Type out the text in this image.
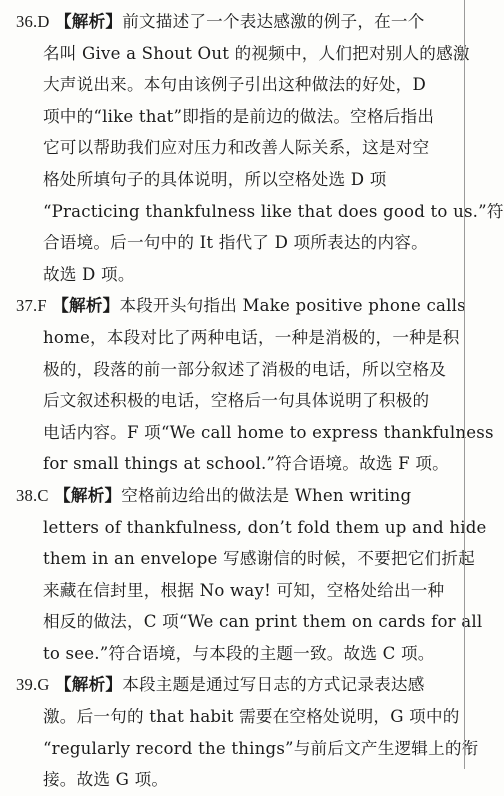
36.D 【解析】前文描述了一个表达感激的例子，在一个
名叫 Give a Shout Out 的视频中，人们把对别人的感激
大声说出来。本句由该例子引出这种做法的好处，D
项中的“like that”即指的是前边的做法。空格后指出
它可以帮助我们应对压力和改善人际关系，这是对空
格处所填句子的具体说明，所以空格处选 D 项
“Practicing thankfulness like that does good to us.”符
合语境。后一句中的 It 指代了 D 项所表达的内容。
故选 D 项。
37.F 【解析】本段开头句指出 Make positive phone calls
home，本段对比了两种电话，一种是消极的，一种是积
极的，段落的前一部分叙述了消极的电话，所以空格及
后文叙述积极的电话，空格后一句具体说明了积极的
电话内容。F 项“We call home to express thankfulness
for small things at school.”符合语境。故选 F 项。
38.C 【解析】空格前边给出的做法是 When writing
letters of thankfulness, don’t fold them up and hide
them in an envelope 写感谢信的时候，不要把它们折起
来藏在信封里，根据 No way! 可知，空格处给出一种
相反的做法，C 项“We can print them on cards for all
to see.”符合语境，与本段的主题一致。故选 C 项。
39.G 【解析】本段主题是通过写日志的方式记录表达感
激。后一句的 that habit 需要在空格处说明，G 项中的
“regularly record the things”与前后文产生逻辑上的衔
接。故选 G 项。
